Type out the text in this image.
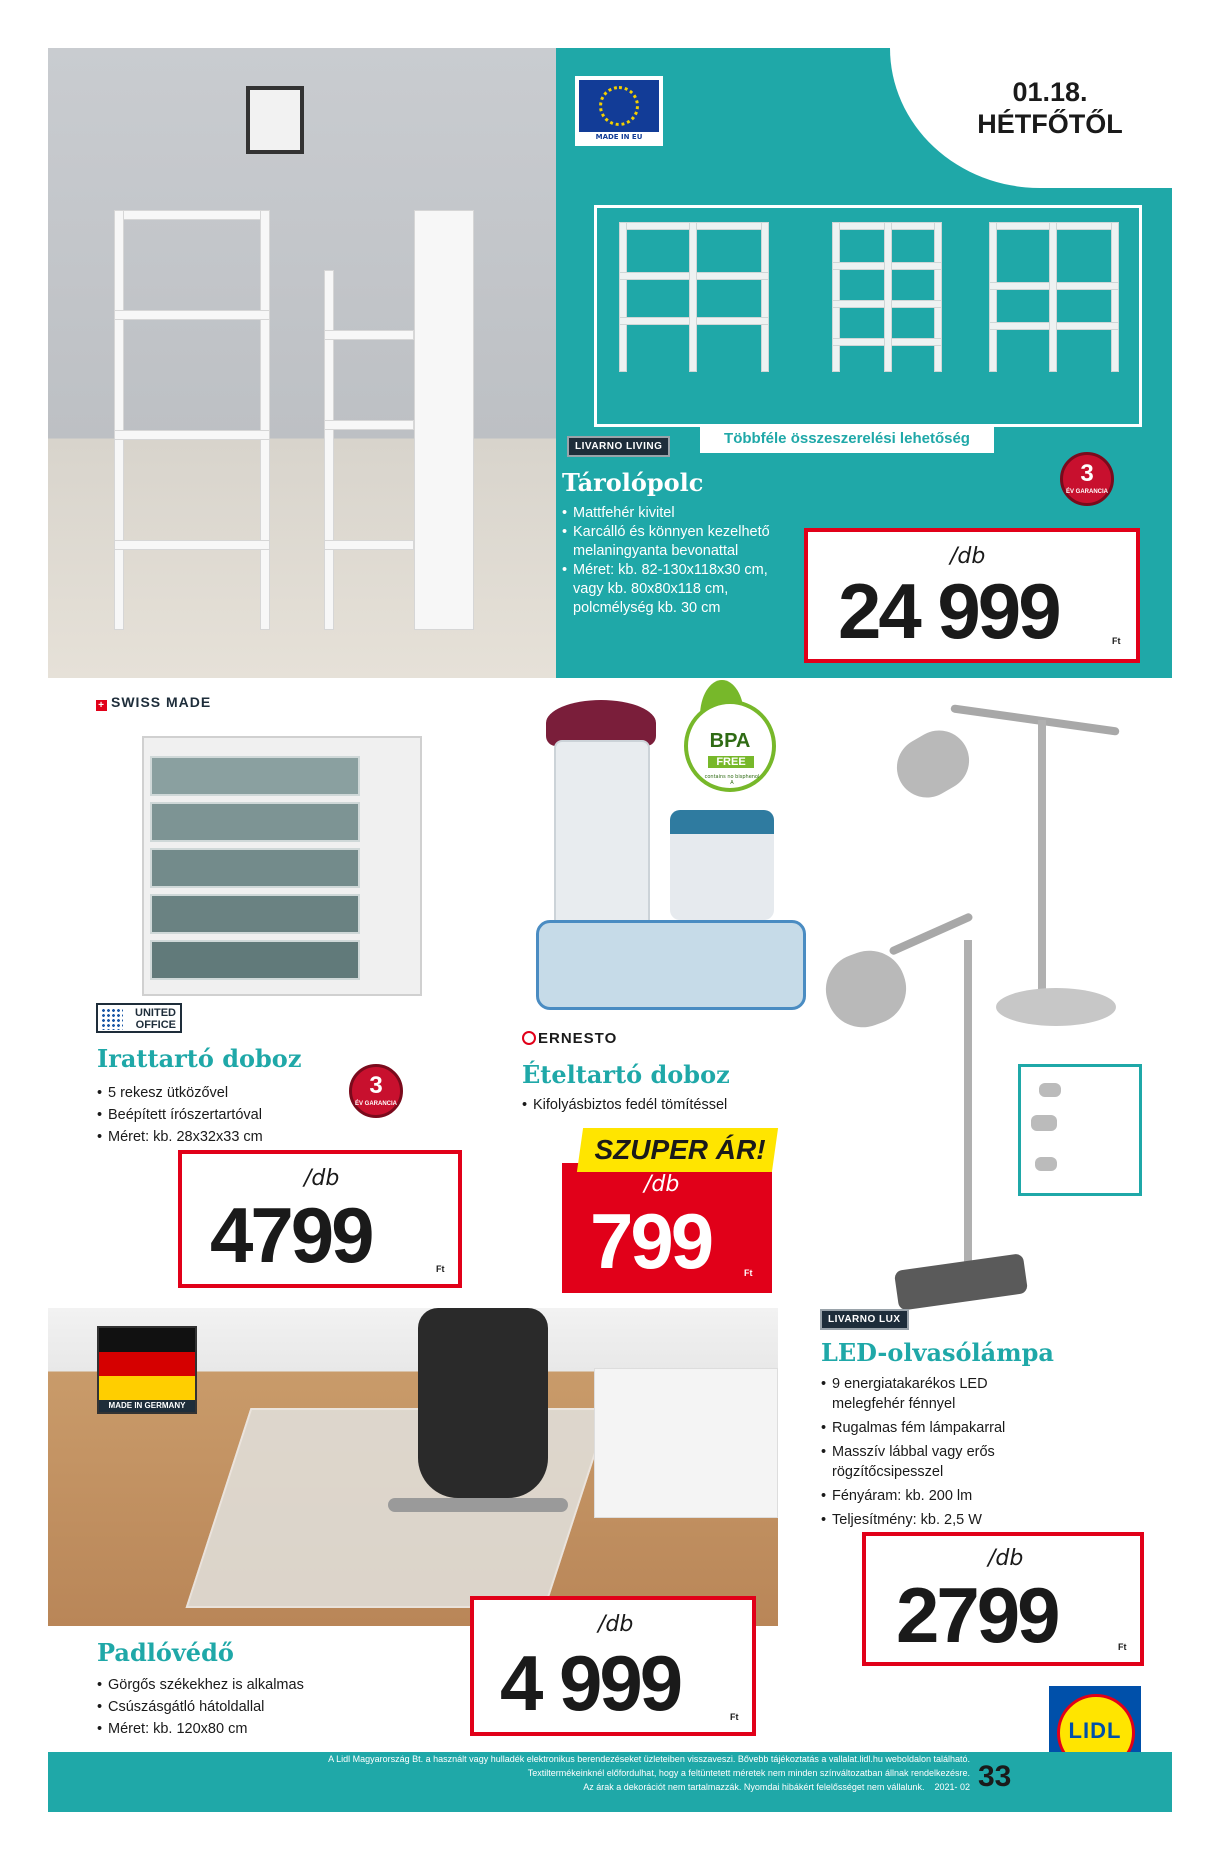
01.18.
HÉTFŐTŐL
MADE IN EU
Többféle összeszerelési lehetőség
LIVARNO LIVING
3
ÉV GARANCIA
Tárolópolc
• Mattfehér kivitel
• Karcálló és könnyen kezelhető melaningyanta bevonattal
• Méret: kb. 82-130x118x30 cm, vagy kb. 80x80x118 cm, polcmélység kb. 30 cm
/db
24 999	Ft
+ SWISS MADE
UNITED OFFICE
Irattartó doboz
3
ÉV GARANCIA
• 5 rekesz ütközővel
• Beépített írószertartóval
• Méret: kb. 28x32x33 cm
/db
4799	Ft
BPA
FREE
contains no bisphenol A
ERNESTO
Ételtartó doboz
• Kifolyásbiztos fedél tömítéssel
SZUPER ÁR!
/db
799	Ft
LIVARNO LUX
LED-olvasólámpa
• 9 energiatakarékos LED melegfehér fénnyel
• Rugalmas fém lámpakarral
• Masszív lábbal vagy erős rögzítőcsipesszel
• Fényáram: kb. 200 lm
• Teljesítmény: kb. 2,5 W
/db
2799	Ft
MADE IN GERMANY
Padlóvédő
• Görgős székekhez is alkalmas
• Csúszásgátló hátoldallal
• Méret: kb. 120x80 cm
/db
4 999	Ft
LIDL
A Lidl Magyarország Bt. a használt vagy hulladék elektronikus berendezéseket üzleteiben visszaveszi. Bővebb tájékoztatás a vallalat.lidl.hu weboldalon található.
Textiltermékeinknél előfordulhat, hogy a feltüntetett méretek nem minden színváltozatban állnak rendelkezésre.
Az árak a dekorációt nem tartalmazzák. Nyomdai hibákért felelősséget nem vállalunk. 2021- 02 33
